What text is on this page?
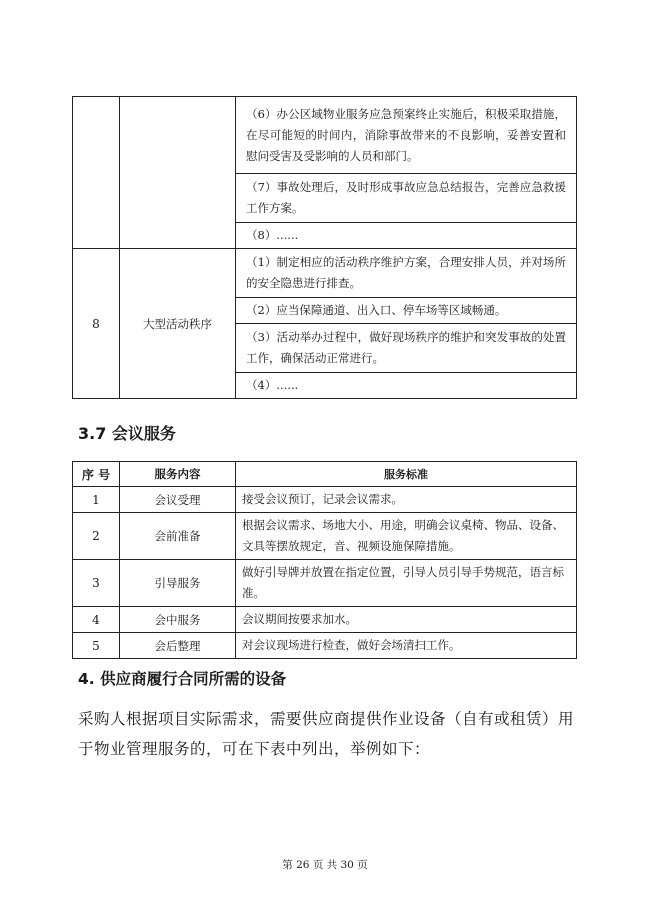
		（6）办公区域物业服务应急预案终止实施后，积极采取措施，在尽可能短的时间内，消除事故带来的不良影响，妥善安置和慰问受害及受影响的人员和部门。
		（7）事故处理后，及时形成事故应急总结报告，完善应急救援工作方案。
		（8）......
8	大型活动秩序	（1）制定相应的活动秩序维护方案，合理安排人员，并对场所的安全隐患进行排查。
		（2）应当保障通道、出入口、停车场等区域畅通。
		（3）活动举办过程中，做好现场秩序的维护和突发事故的处置工作，确保活动正常进行。
		（4）......
3.7 会议服务
序 号	服务内容	服务标准
1	会议受理	接受会议预订，记录会议需求。
2	会前准备	根据会议需求、场地大小、用途，明确会议桌椅、物品、设备、文具等摆放规定，音、视频设施保障措施。
3	引导服务	做好引导牌并放置在指定位置，引导人员引导手势规范，语言标准。
4	会中服务	会议期间按要求加水。
5	会后整理	对会议现场进行检查，做好会场清扫工作。
4. 供应商履行合同所需的设备
采购人根据项目实际需求，需要供应商提供作业设备（自有或租赁）用于物业管理服务的，可在下表中列出，举例如下：
第 26 页 共 30 页
